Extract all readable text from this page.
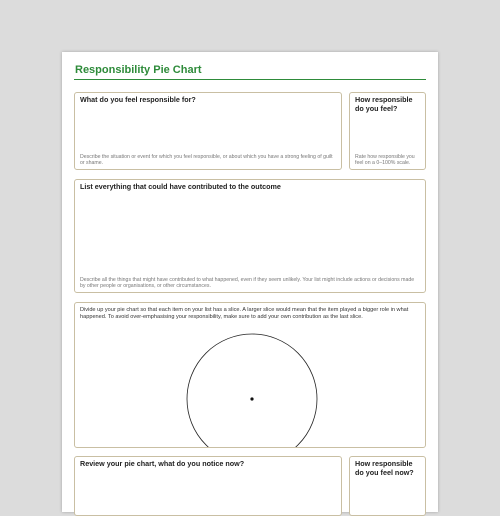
Responsibility Pie Chart
What do you feel responsible for?
Describe the situation or event for which you feel responsible, or about which you have a strong feeling of guilt or shame.
How responsible do you feel?
Rate how responsible you feel on a 0–100% scale.
List everything that could have contributed to the outcome
Describe all the things that might have contributed to what happened, even if they seem unlikely. Your list might include actions or decisions made by other people or organisations, or other circumstances.
Divide up your pie chart so that each item on your list has a slice. A larger slice would mean that the item played a bigger role in what happened. To avoid over-emphasising your responsibility, make sure to add your own contribution as the last slice.
Review your pie chart, what do you notice now?	How responsible do you feel now?
